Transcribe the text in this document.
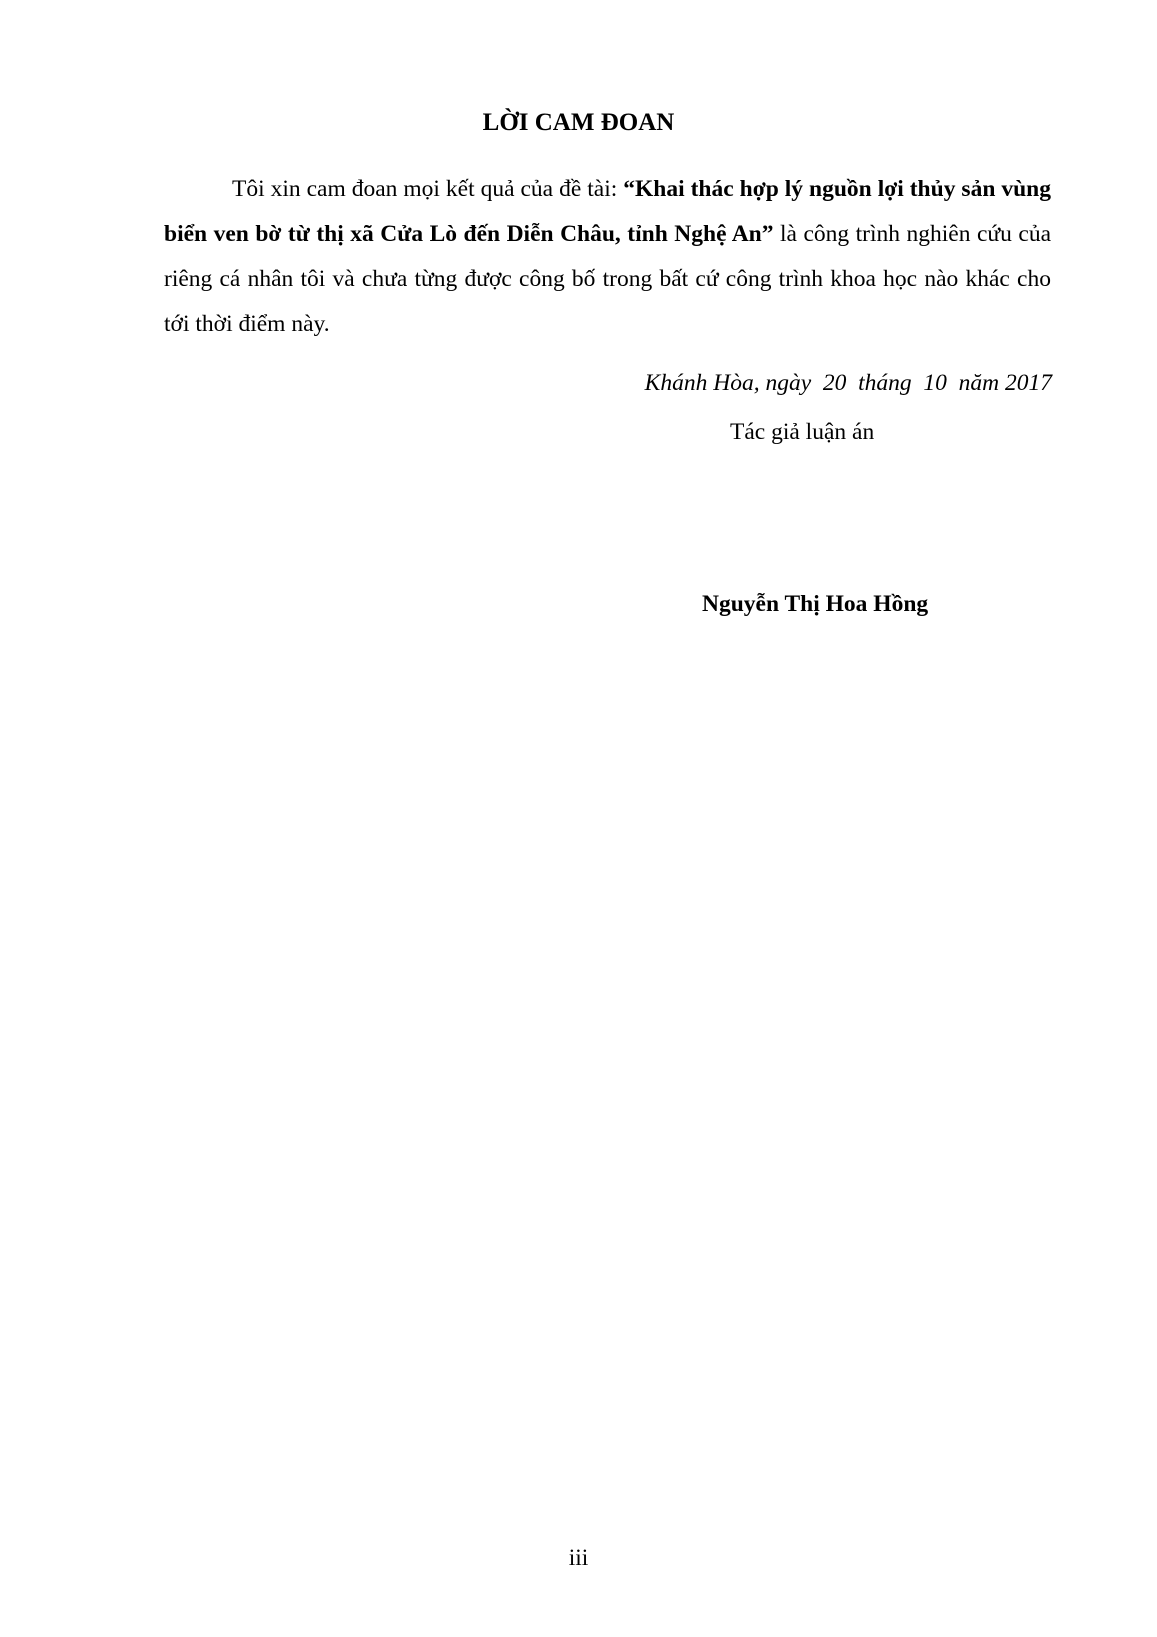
LỜI CAM ĐOAN

Tôi xin cam đoan mọi kết quả của đề tài: “Khai thác hợp lý nguồn lợi thủy sản vùng biển ven bờ từ thị xã Cửa Lò đến Diễn Châu, tỉnh Nghệ An” là công trình nghiên cứu của riêng cá nhân tôi và chưa từng được công bố trong bất cứ công trình khoa học nào khác cho tới thời điểm này.

Khánh Hòa, ngày  20  tháng  10  năm 2017

Tác giả luận án

Nguyễn Thị Hoa Hồng

iii
